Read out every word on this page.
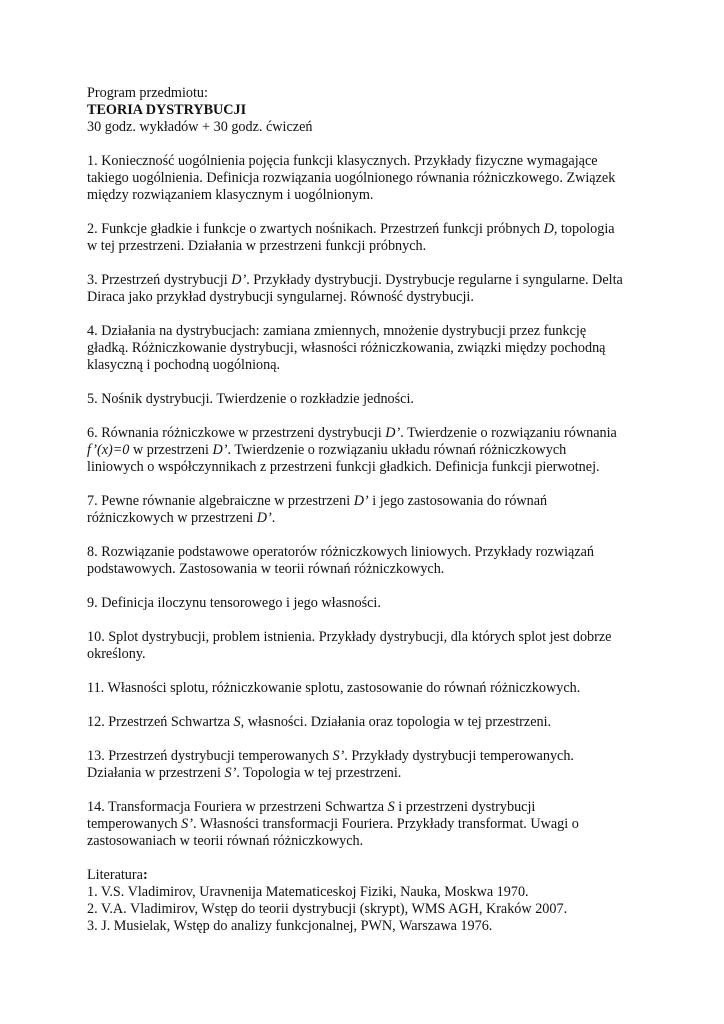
Program przedmiotu:
TEORIA DYSTRYBUCJI
30 godz. wykładów + 30 godz. ćwiczeń
1. Konieczność uogólnienia pojęcia funkcji klasycznych. Przykłady fizyczne wymagające
takiego uogólnienia. Definicja rozwiązania uogólnionego równania różniczkowego. Związek
między rozwiązaniem klasycznym i uogólnionym.
2. Funkcje gładkie i funkcje o zwartych nośnikach. Przestrzeń funkcji próbnych D, topologia
w tej przestrzeni. Działania w przestrzeni funkcji próbnych.
3. Przestrzeń dystrybucji D’. Przykłady dystrybucji. Dystrybucje regularne i syngularne. Delta
Diraca jako przykład dystrybucji syngularnej. Równość dystrybucji.
4. Działania na dystrybucjach: zamiana zmiennych, mnożenie dystrybucji przez funkcję
gładką. Różniczkowanie dystrybucji, własności różniczkowania, związki między pochodną
klasyczną i pochodną uogólnioną.
5. Nośnik dystrybucji. Twierdzenie o rozkładzie jedności.
6. Równania różniczkowe w przestrzeni dystrybucji D’. Twierdzenie o rozwiązaniu równania
f’(x)=0 w przestrzeni D’. Twierdzenie o rozwiązaniu układu równań różniczkowych
liniowych o współczynnikach z przestrzeni funkcji gładkich. Definicja funkcji pierwotnej.
7. Pewne równanie algebraiczne w przestrzeni D’ i jego zastosowania do równań
różniczkowych w przestrzeni D’.
8. Rozwiązanie podstawowe operatorów różniczkowych liniowych. Przykłady rozwiązań
podstawowych. Zastosowania w teorii równań różniczkowych.
9. Definicja iloczynu tensorowego i jego własności.
10. Splot dystrybucji, problem istnienia. Przykłady dystrybucji, dla których splot jest dobrze
określony.
11. Własności splotu, różniczkowanie splotu, zastosowanie do równań różniczkowych.
12. Przestrzeń Schwartza S, własności. Działania oraz topologia w tej przestrzeni.
13. Przestrzeń dystrybucji temperowanych S’. Przykłady dystrybucji temperowanych.
Działania w przestrzeni S’. Topologia w tej przestrzeni.
14. Transformacja Fouriera w przestrzeni Schwartza S i przestrzeni dystrybucji
temperowanych S’. Własności transformacji Fouriera. Przykłady transformat. Uwagi o
zastosowaniach w teorii równań różniczkowych.
Literatura:
1. V.S. Vladimirov, Uravnenija Matematiceskoj Fiziki, Nauka, Moskwa 1970.
2. V.A. Vladimirov, Wstęp do teorii dystrybucji (skrypt), WMS AGH, Kraków 2007.
3. J. Musielak, Wstęp do analizy funkcjonalnej, PWN, Warszawa 1976.
